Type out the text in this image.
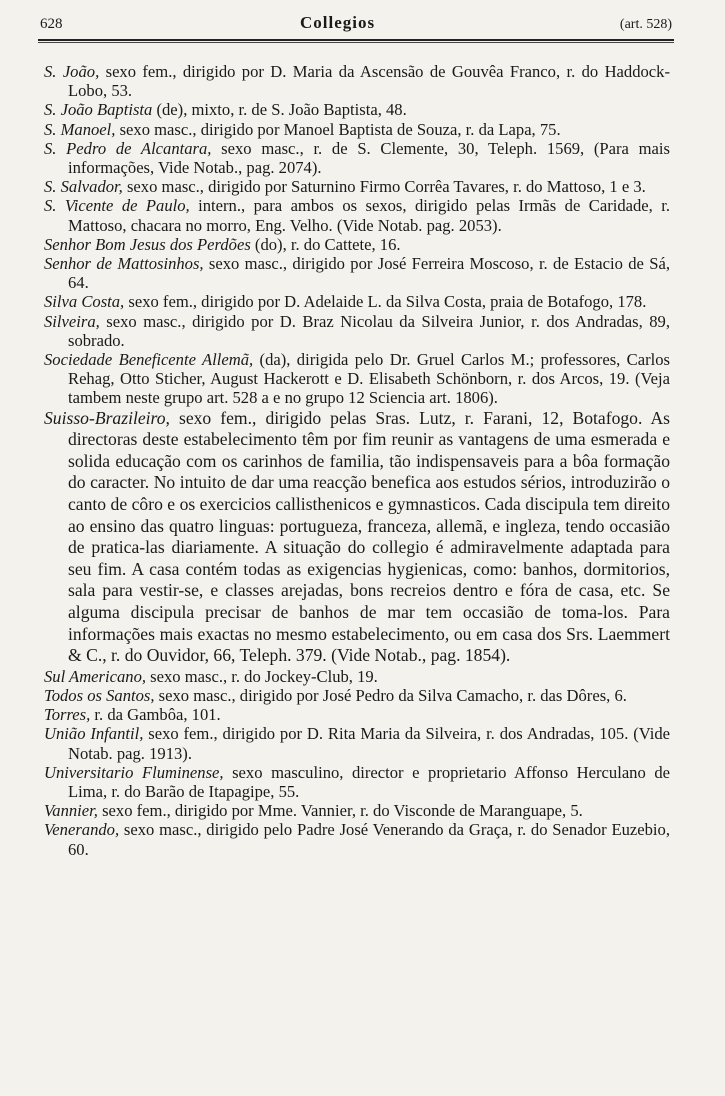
628	Collegios	(art. 528)

S. João, sexo fem., dirigido por D. Maria da Ascensão de Gouvêa Franco, r. do Haddock-Lobo, 53.

S. João Baptista (de), mixto, r. de S. João Baptista, 48.

S. Manoel, sexo masc., dirigido por Manoel Baptista de Souza, r. da Lapa, 75.

S. Pedro de Alcantara, sexo masc., r. de S. Clemente, 30, Teleph. 1569, (Para mais informações, Vide Notab., pag. 2074).

S. Salvador, sexo masc., dirigido por Saturnino Firmo Corrêa Tavares, r. do Mattoso, 1 e 3.

S. Vicente de Paulo, intern., para ambos os sexos, dirigido pelas Irmãs de Caridade, r. Mattoso, chacara no morro, Eng. Velho. (Vide Notab. pag. 2053).

Senhor Bom Jesus dos Perdões (do), r. do Cattete, 16.

Senhor de Mattosinhos, sexo masc., dirigido por José Ferreira Moscoso, r. de Estacio de Sá, 64.

Silva Costa, sexo fem., dirigido por D. Adelaide L. da Silva Costa, praia de Botafogo, 178.

Silveira, sexo masc., dirigido por D. Braz Nicolau da Silveira Junior, r. dos Andradas, 89, sobrado.

Sociedade Beneficente Allemã, (da), dirigida pelo Dr. Gruel Carlos M.; professores, Carlos Rehag, Otto Sticher, August Hackerott e D. Elisabeth Schönborn, r. dos Arcos, 19. (Veja tambem neste grupo art. 528 a e no grupo 12 Sciencia art. 1806).

Suisso-Brazileiro, sexo fem., dirigido pelas Sras. Lutz, r. Farani, 12, Botafogo. As directoras deste estabelecimento têm por fim reunir as vantagens de uma esmerada e solida educação com os carinhos de familia, tão indispensaveis para a bôa formação do caracter. No intuito de dar uma reacção benefica aos estudos sérios, introduzirão o canto de côro e os exercicios callisthenicos e gymnasticos. Cada discipula tem direito ao ensino das quatro linguas: portugueza, franceza, allemã, e ingleza, tendo occasião de pratica-las diariamente. A situação do collegio é admiravelmente adaptada para seu fim. A casa contém todas as exigencias hygienicas, como: banhos, dormitorios, sala para vestir-se, e classes arejadas, bons recreios dentro e fóra de casa, etc. Se alguma discipula precisar de banhos de mar tem occasião de toma-los. Para informações mais exactas no mesmo estabelecimento, ou em casa dos Srs. Laemmert & C., r. do Ouvidor, 66, Teleph. 379. (Vide Notab., pag. 1854).

Sul Americano, sexo masc., r. do Jockey-Club, 19.

Todos os Santos, sexo masc., dirigido por José Pedro da Silva Camacho, r. das Dôres, 6.

Torres, r. da Gambôa, 101.

União Infantil, sexo fem., dirigido por D. Rita Maria da Silveira, r. dos Andradas, 105. (Vide Notab. pag. 1913).

Universitario Fluminense, sexo masculino, director e proprietario Affonso Herculano de Lima, r. do Barão de Itapagipe, 55.

Vannier, sexo fem., dirigido por Mme. Vannier, r. do Visconde de Maranguape, 5.

Venerando, sexo masc., dirigido pelo Padre José Venerando da Graça, r. do Senador Euzebio, 60.
